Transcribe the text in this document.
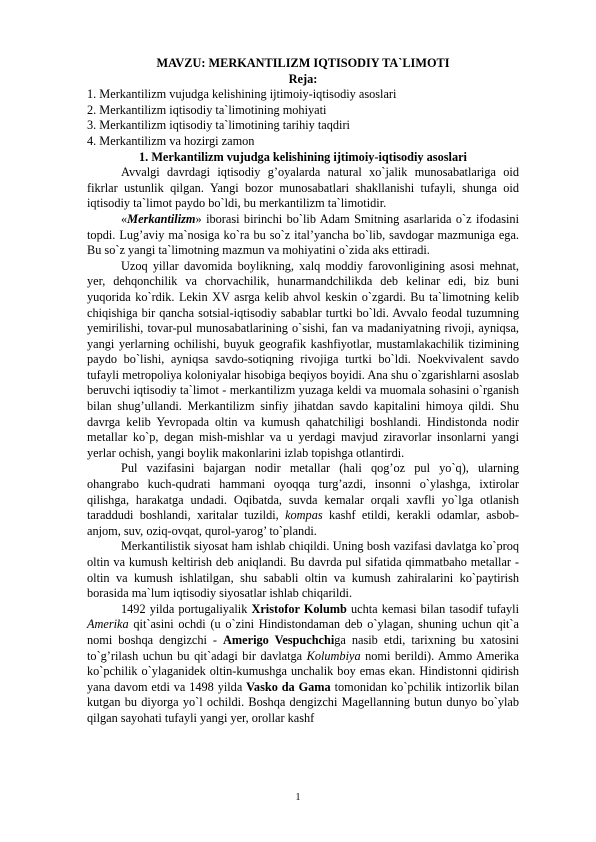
MAVZU: MERKANTILIZM IQTISODIY TA`LIMOTI

Reja:

1. Merkantilizm vujudga kelishining ijtimoiy-iqtisodiy asoslari
2. Merkantilizm iqtisodiy ta`limotining mohiyati
3. Merkantilizm iqtisodiy ta`limotining tarihiy taqdiri
4. Merkantilizm va hozirgi zamon

1. Merkantilizm vujudga kelishining ijtimoiy-iqtisodiy asoslari

Avvalgi davrdagi iqtisodiy g’oyalarda natural xo`jalik munosabatlariga oid fikrlar ustunlik qilgan. Yangi bozor munosabatlari shakllanishi tufayli, shunga oid iqtisodiy ta`limot paydo bo`ldi, bu merkantilizm ta`limotidir.

«Merkantilizm» iborasi birinchi bo`lib Adam Smitning asarlarida o`z ifodasini topdi. Lug’aviy ma`nosiga ko`ra bu so`z ital’yancha bo`lib, savdogar mazmuniga ega. Bu so`z yangi ta`limotning mazmun va mohiyatini o`zida aks ettiradi.

Uzoq yillar davomida boylikning, xalq moddiy farovonligining asosi mehnat, yer, dehqonchilik va chorvachilik, hunarmandchilikda deb kelinar edi, biz buni yuqorida ko`rdik. Lekin XV asrga kelib ahvol keskin o`zgardi. Bu ta`limotning kelib chiqishiga bir qancha sotsial-iqtisodiy sabablar turtki bo`ldi. Avvalo feodal tuzumning yemirilishi, tovar-pul munosabatlarining o`sishi, fan va madaniyatning rivoji, ayniqsa, yangi yerlarning ochilishi, buyuk geografik kashfiyotlar, mustamlakachilik tizimining paydo bo`lishi, ayniqsa savdo-sotiqning rivojiga turtki bo`ldi. Noekvivalent savdo tufayli metropoliya koloniyalar hisobiga beqiyos boyidi. Ana shu o`zgarishlarni asoslab beruvchi iqtisodiy ta`limot - merkantilizm yuzaga keldi va muomala sohasini o`rganish bilan shug’ullandi. Merkantilizm sinfiy jihatdan savdo kapitalini himoya qildi. Shu davrga kelib Yevropada oltin va kumush qahatchiligi boshlandi. Hindistonda nodir metallar ko`p, degan mish-mishlar va u yerdagi mavjud ziravorlar insonlarni yangi yerlar ochish, yangi boylik makonlarini izlab topishga otlantirdi.

Pul vazifasini bajargan nodir metallar (hali qog’oz pul yo`q), ularning ohangrabo kuch-qudrati hammani oyoqqa turg’azdi, insonni o`ylashga, ixtirolar qilishga, harakatga undadi. Oqibatda, suvda kemalar orqali xavfli yo`lga otlanish taraddudi boshlandi, xaritalar tuzildi, kompas kashf etildi, kerakli odamlar, asbob-anjom, suv, oziq-ovqat, qurol-yarog’ to`plandi.

Merkantilistik siyosat ham ishlab chiqildi. Uning bosh vazifasi davlatga ko`proq oltin va kumush keltirish deb aniqlandi. Bu davrda pul sifatida qimmatbaho metallar - oltin va kumush ishlatilgan, shu sababli oltin va kumush zahiralarini ko`paytirish borasida ma`lum iqtisodiy siyosatlar ishlab chiqarildi.

1492 yilda portugaliyalik Xristofor Kolumb uchta kemasi bilan tasodif tufayli Amerika qit`asini ochdi (u o`zini Hindistondaman deb o`ylagan, shuning uchun qit`a nomi boshqa dengizchi - Amerigo Vespuchchiga nasib etdi, tarixning bu xatosini to`g’rilash uchun bu qit`adagi bir davlatga Kolumbiya nomi berildi). Ammo Amerika ko`pchilik o`ylaganidek oltin-kumushga unchalik boy emas ekan. Hindistonni qidirish yana davom etdi va 1498 yilda Vasko da Gama tomonidan ko`pchilik intizorlik bilan kutgan bu diyorga yo`l ochildi. Boshqa dengizchi Magellanning butun dunyo bo`ylab qilgan sayohati tufayli yangi yer, orollar kashf

1
